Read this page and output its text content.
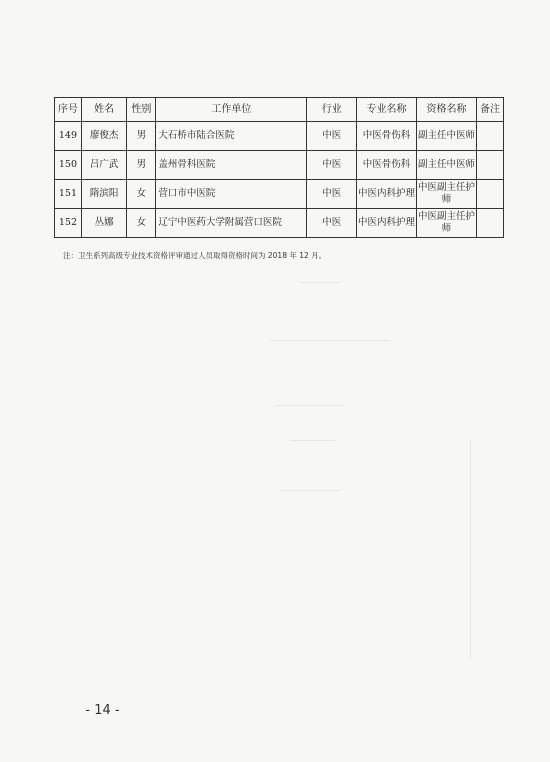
序号	姓名	性别	工作单位	行业	专业名称	资格名称	备注
149	廖俊杰	男	大石桥市陆合医院	中医	中医骨伤科	副主任中医师	
150	吕广武	男	盖州骨科医院	中医	中医骨伤科	副主任中医师	
151	隋滨阳	女	营口市中医院	中医	中医内科护理	中医副主任护师	
152	丛娜	女	辽宁中医药大学附属营口医院	中医	中医内科护理	中医副主任护师	
注：卫生系列高级专业技术资格评审通过人员取得资格时间为 2018 年 12 月。
- 14 -
